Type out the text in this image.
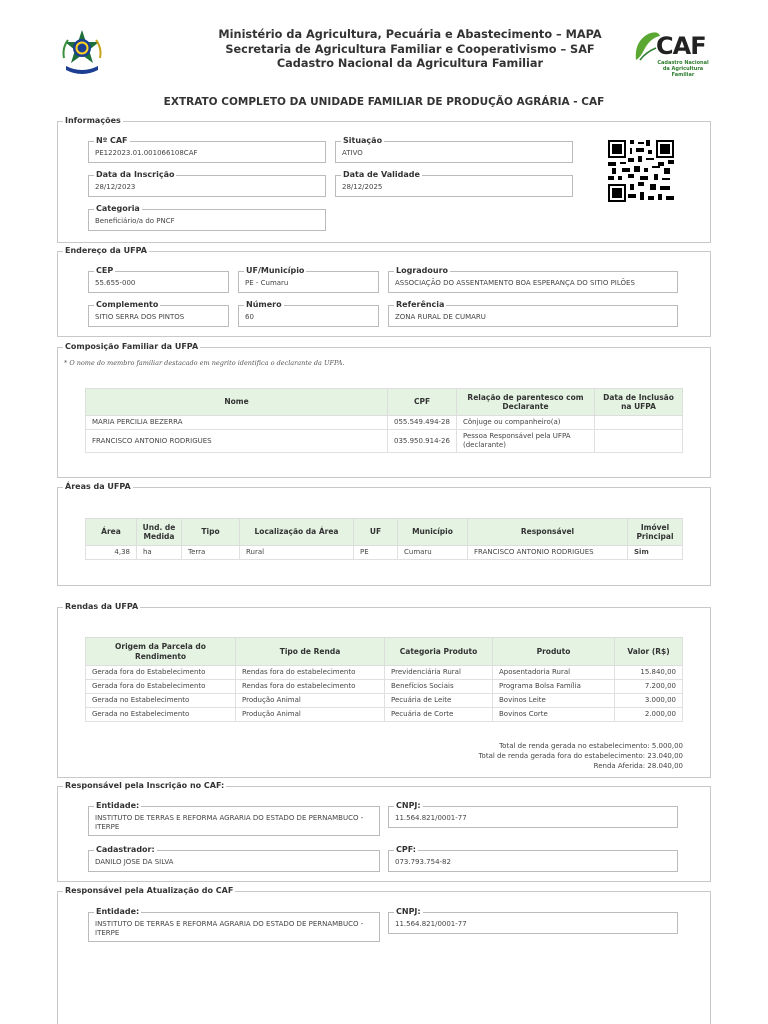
Ministério da Agricultura, Pecuária e Abastecimento – MAPA
Secretaria de Agricultura Familiar e Cooperativismo – SAF
Cadastro Nacional da Agricultura Familiar
CAF
Cadastro Nacional da Agricultura Familiar
EXTRATO COMPLETO DA UNIDADE FAMILIAR DE PRODUÇÃO AGRÁRIA - CAF
Informações
Nº CAF
PE122023.01.001066108CAF
Situação
ATIVO
Data da Inscrição
28/12/2023
Data de Validade
28/12/2025
Categoria
Beneficiário/a do PNCF
Endereço da UFPA
CEP
55.655-000
UF/Município
PE - Cumaru
Logradouro
ASSOCIAÇÃO DO ASSENTAMENTO BOA ESPERANÇA DO SITIO PILÕES
Complemento
SITIO SERRA DOS PINTOS
Número
60
Referência
ZONA RURAL DE CUMARU
Composição Familiar da UFPA
* O nome do membro familiar destacado em negrito identifica o declarante da UFPA.
Nome	CPF	Relação de parentesco com Declarante	Data de Inclusão na UFPA
MARIA PERCILIA BEZERRA	055.549.494-28	Cônjuge ou companheiro(a)	
FRANCISCO ANTONIO RODRIGUES	035.950.914-26	Pessoa Responsável pela UFPA (declarante)	
Áreas da UFPA
Área	Und. de Medida	Tipo	Localização da Área	UF	Município	Responsável	Imóvel Principal
4,38	ha	Terra	Rural	PE	Cumaru	FRANCISCO ANTONIO RODRIGUES	Sim
Rendas da UFPA
Origem da Parcela do Rendimento	Tipo de Renda	Categoria Produto	Produto	Valor (R$)
Gerada fora do Estabelecimento	Rendas fora do estabelecimento	Previdenciária Rural	Aposentadoria Rural	15.840,00
Gerada fora do Estabelecimento	Rendas fora do estabelecimento	Benefícios Sociais	Programa Bolsa Família	7.200,00
Gerada no Estabelecimento	Produção Animal	Pecuária de Leite	Bovinos Leite	3.000,00
Gerada no Estabelecimento	Produção Animal	Pecuária de Corte	Bovinos Corte	2.000,00
Total de renda gerada no estabelecimento: 5.000,00
Total de renda gerada fora do estabelecimento: 23.040,00
Renda Aferida: 28.040,00
Responsável pela Inscrição no CAF:
Entidade:
INSTITUTO DE TERRAS E REFORMA AGRARIA DO ESTADO DE PERNAMBUCO - ITERPE
CNPJ:
11.564.821/0001-77
Cadastrador:
DANILO JOSE DA SILVA
CPF:
073.793.754-82
Responsável pela Atualização do CAF
Entidade:
INSTITUTO DE TERRAS E REFORMA AGRARIA DO ESTADO DE PERNAMBUCO - ITERPE
CNPJ:
11.564.821/0001-77
